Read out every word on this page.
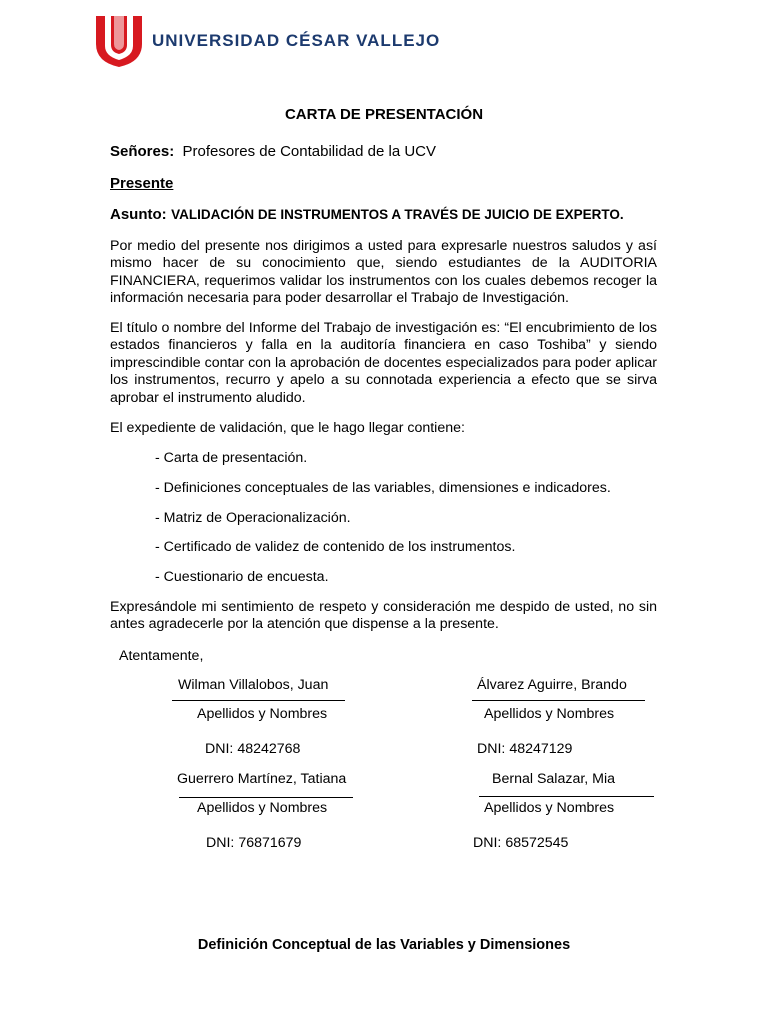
UNIVERSIDAD CÉSAR VALLEJO
CARTA DE PRESENTACIÓN
Señores: Profesores de Contabilidad de la UCV
Presente
Asunto: VALIDACIÓN DE INSTRUMENTOS A TRAVÉS DE JUICIO DE EXPERTO.
Por medio del presente nos dirigimos a usted para expresarle nuestros saludos y así mismo hacer de su conocimiento que, siendo estudiantes de la AUDITORIA FINANCIERA, requerimos validar los instrumentos con los cuales debemos recoger la información necesaria para poder desarrollar el Trabajo de Investigación.
El título o nombre del Informe del Trabajo de investigación es: “El encubrimiento de los estados financieros y falla en la auditoría financiera en caso Toshiba” y siendo imprescindible contar con la aprobación de docentes especializados para poder aplicar los instrumentos, recurro y apelo a su connotada experiencia a efecto que se sirva aprobar el instrumento aludido.
El expediente de validación, que le hago llegar contiene:
- Carta de presentación.
- Definiciones conceptuales de las variables, dimensiones e indicadores.
- Matriz de Operacionalización.
- Certificado de validez de contenido de los instrumentos.
- Cuestionario de encuesta.
Expresándole mi sentimiento de respeto y consideración me despido de usted, no sin antes agradecerle por la atención que dispense a la presente.
Atentamente,
Wilman Villalobos, Juan
Apellidos y Nombres
DNI: 48242768
Álvarez Aguirre, Brando
Apellidos y Nombres
DNI: 48247129
Guerrero Martínez, Tatiana
Apellidos y Nombres
DNI: 76871679
Bernal Salazar, Mia
Apellidos y Nombres
DNI: 68572545
Definición Conceptual de las Variables y Dimensiones
